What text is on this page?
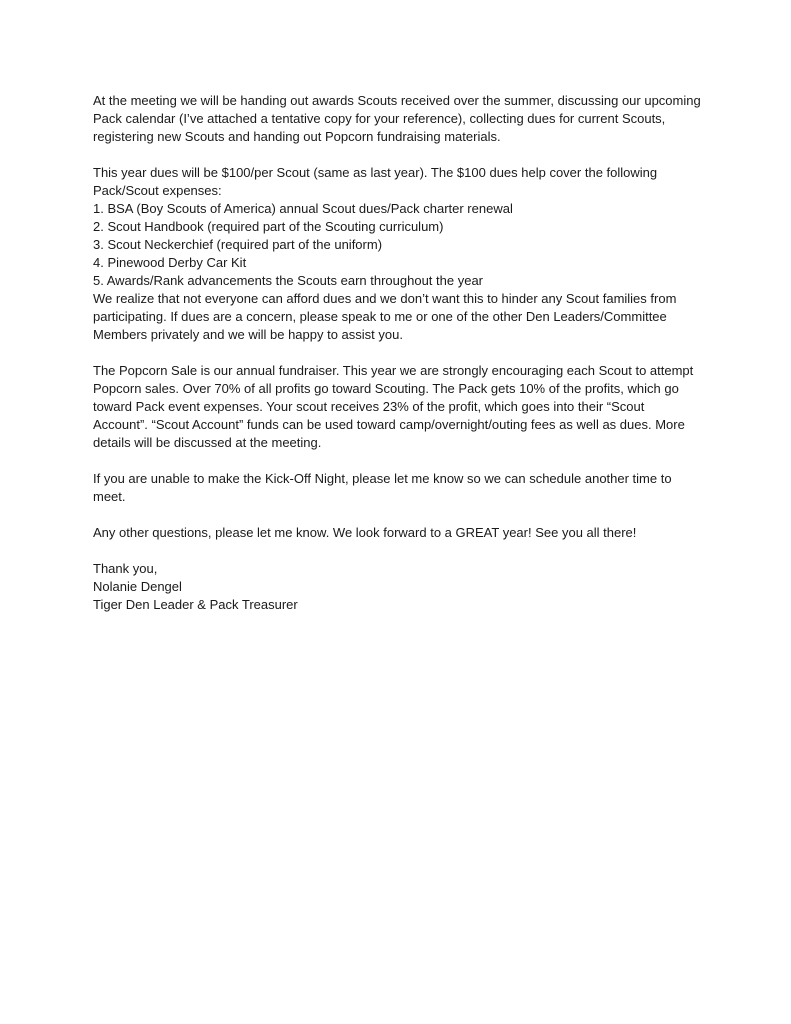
At the meeting we will be handing out awards Scouts received over the summer, discussing our upcoming
Pack calendar (I’ve attached a tentative copy for your reference), collecting dues for current Scouts,
registering new Scouts and handing out Popcorn fundraising materials.
This year dues will be $100/per Scout (same as last year). The $100 dues help cover the following
Pack/Scout expenses:
1. BSA (Boy Scouts of America) annual Scout dues/Pack charter renewal
2. Scout Handbook (required part of the Scouting curriculum)
3. Scout Neckerchief (required part of the uniform)
4. Pinewood Derby Car Kit
5. Awards/Rank advancements the Scouts earn throughout the year
We realize that not everyone can afford dues and we don’t want this to hinder any Scout families from
participating. If dues are a concern, please speak to me or one of the other Den Leaders/Committee
Members privately and we will be happy to assist you.
The Popcorn Sale is our annual fundraiser. This year we are strongly encouraging each Scout to attempt
Popcorn sales. Over 70% of all profits go toward Scouting. The Pack gets 10% of the profits, which go
toward Pack event expenses. Your scout receives 23% of the profit, which goes into their “Scout
Account”. “Scout Account” funds can be used toward camp/overnight/outing fees as well as dues. More
details will be discussed at the meeting.
If you are unable to make the Kick-Off Night, please let me know so we can schedule another time to
meet.
Any other questions, please let me know. We look forward to a GREAT year! See you all there!
Thank you,
Nolanie Dengel
Tiger Den Leader & Pack Treasurer
